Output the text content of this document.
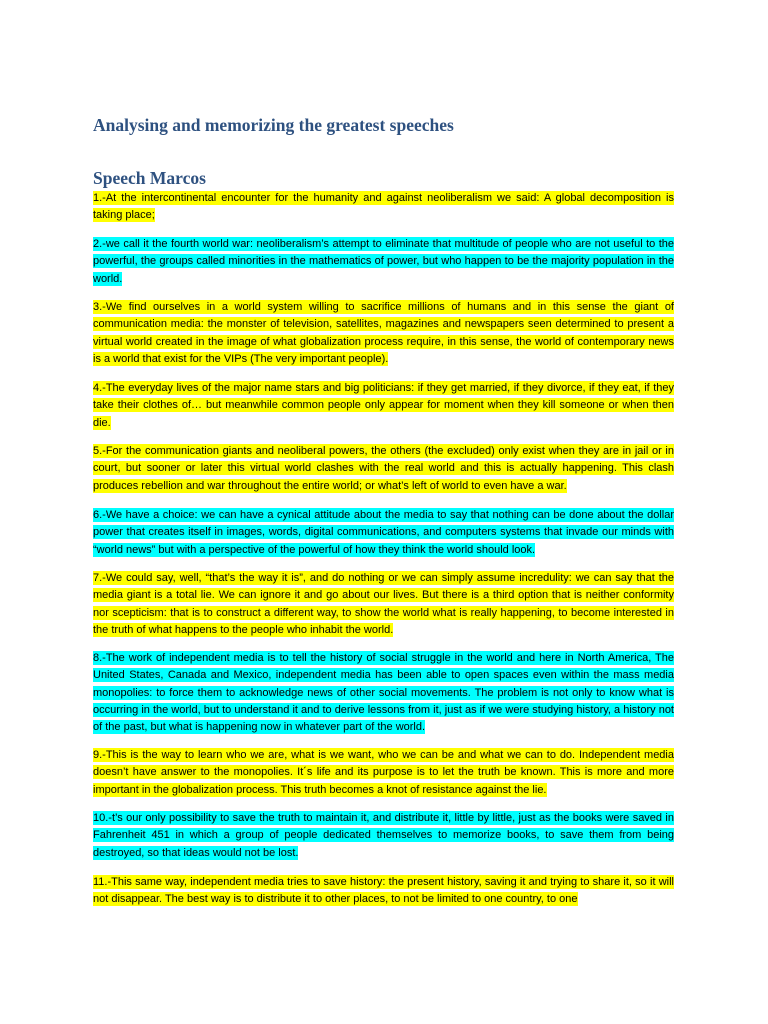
Analysing and memorizing the greatest speeches
Speech Marcos

1.-At the intercontinental encounter for the humanity and against neoliberalism we said: A global decomposition is taking place;

2.-we call it the fourth world war: neoliberalism’s attempt to eliminate that multitude of people who are not useful to the powerful, the groups called minorities in the mathematics of power, but who happen to be the majority population in the world.

3.-We find ourselves in a world system willing to sacrifice millions of humans and in this sense the giant of communication media: the monster of television, satellites, magazines and newspapers seen determined to present a virtual world created in the image of what globalization process require, in this sense, the world of contemporary news is a world that exist for the VIPs (The very important people).

4.-The everyday lives of the major name stars and big politicians: if they get married, if they divorce, if they eat, if they take their clothes of… but meanwhile common people only appear for moment when they kill someone or when then die.

5.-For the communication giants and neoliberal powers, the others (the excluded) only exist when they are in jail or in court, but sooner or later this virtual world clashes with the real world and this is actually happening. This clash produces rebellion and war throughout the entire world; or what’s left of world to even have a war.

6.-We have a choice: we can have a cynical attitude about the media to say that nothing can be done about the dollar power that creates itself in images, words, digital communications, and computers systems that invade our minds with “world news” but with a perspective of the powerful of how they think the world should look.

7.-We could say, well, “that’s the way it is”, and do nothing or we can simply assume incredulity: we can say that the media giant is a total lie. We can ignore it and go about our lives. But there is a third option that is neither conformity nor scepticism: that is to construct a different way, to show the world what is really happening, to become interested in the truth of what happens to the people who inhabit the world.

8.-The work of independent media is to tell the history of social struggle in the world and here in North America, The United States, Canada and Mexico, independent media has been able to open spaces even within the mass media monopolies: to force them to acknowledge news of other social movements. The problem is not only to know what is occurring in the world, but to understand it and to derive lessons from it, just as if we were studying history, a history not of the past, but what is happening now in whatever part of the world.

9.-This is the way to learn who we are, what is we want, who we can be and what we can to do. Independent media doesn’t have answer to the monopolies. It´s life and its purpose is to let the truth be known. This is more and more important in the globalization process. This truth becomes a knot of resistance against the lie.

10.-t’s our only possibility to save the truth to maintain it, and distribute it, little by little, just as the books were saved in Fahrenheit 451 in which a group of people dedicated themselves to memorize books, to save them from being destroyed, so that ideas would not be lost.

11.-This same way, independent media tries to save history: the present history, saving it and trying to share it, so it will not disappear. The best way is to distribute it to other places, to not be limited to one country, to one
